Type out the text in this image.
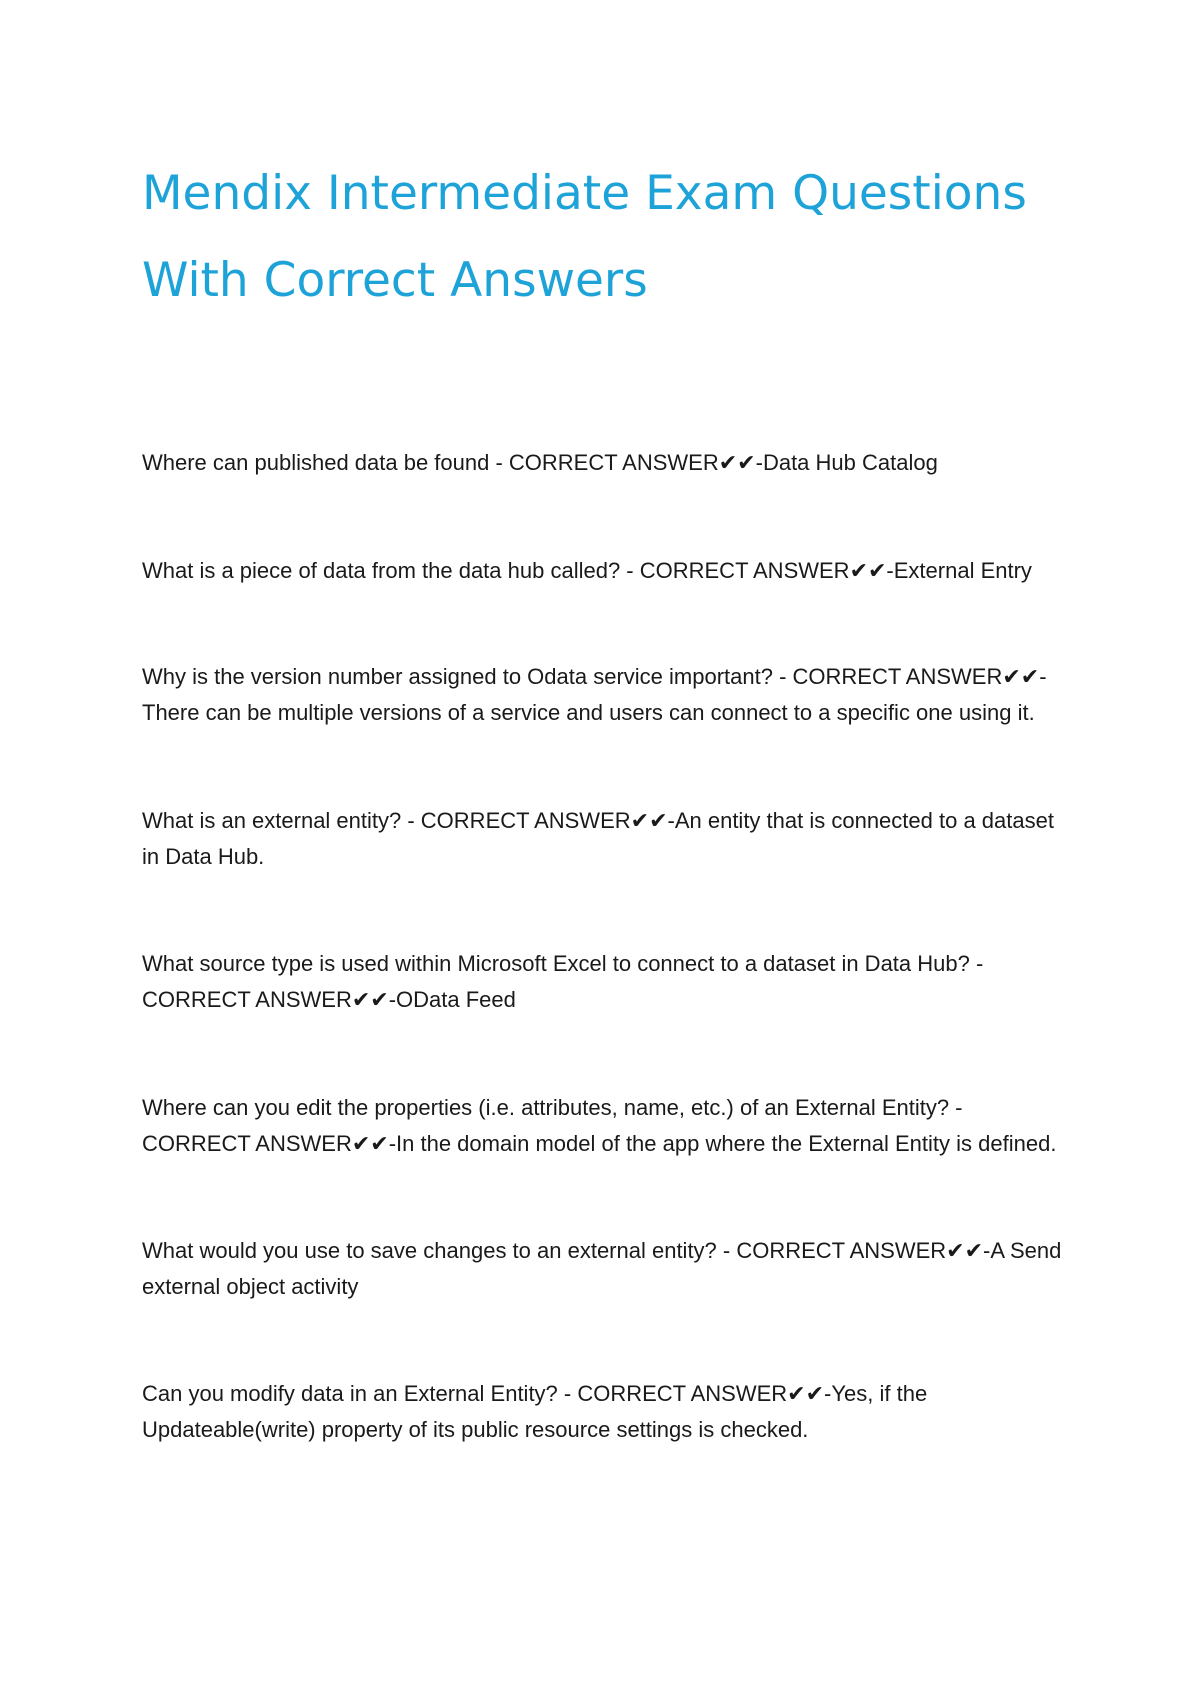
Mendix Intermediate Exam Questions
With Correct Answers

Where can published data be found - CORRECT ANSWER✔✔-Data Hub Catalog

What is a piece of data from the data hub called? - CORRECT ANSWER✔✔-External Entry

Why is the version number assigned to Odata service important? - CORRECT ANSWER✔✔-
There can be multiple versions of a service and users can connect to a specific one using it.

What is an external entity? - CORRECT ANSWER✔✔-An entity that is connected to a dataset
in Data Hub.

What source type is used within Microsoft Excel to connect to a dataset in Data Hub? -
CORRECT ANSWER✔✔-OData Feed

Where can you edit the properties (i.e. attributes, name, etc.) of an External Entity? -
CORRECT ANSWER✔✔-In the domain model of the app where the External Entity is defined.

What would you use to save changes to an external entity? - CORRECT ANSWER✔✔-A Send
external object activity

Can you modify data in an External Entity? - CORRECT ANSWER✔✔-Yes, if the
Updateable(write) property of its public resource settings is checked.
